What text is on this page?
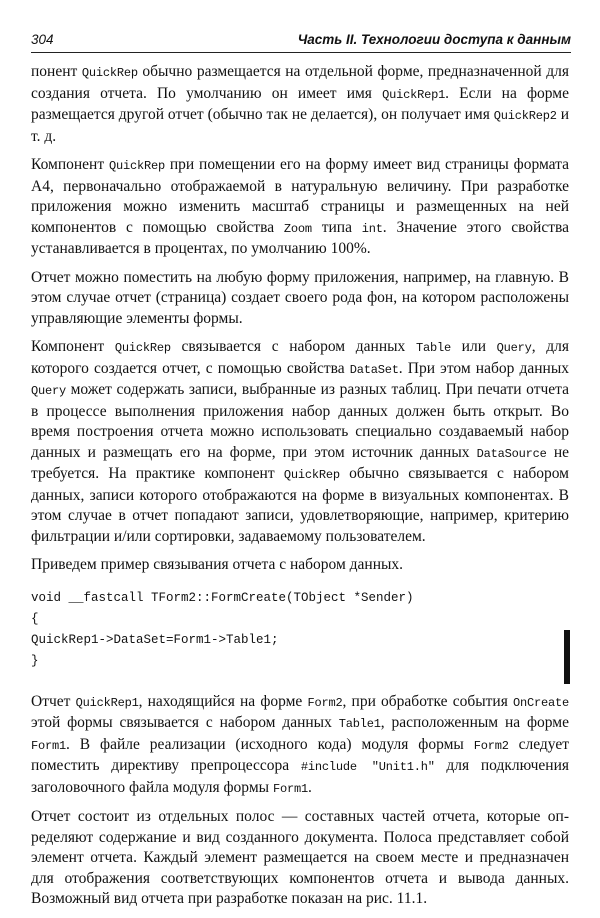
304	Часть II. Технологии доступа к данным

понент QuickRep обычно размещается на отдельной форме, предназначенной для создания отчета. По умолчанию он имеет имя QuickRep1. Если на форме размещается другой отчет (обычно так не делается), он получает имя QuickRep2 и т. д.

Компонент QuickRep при помещении его на форму имеет вид страницы формата А4, первоначально отображаемой в натуральную величину. При разработке приложения можно изменить масштаб страницы и размещенных на ней компонентов с помощью свойства Zoom типа int. Значение этого свойства устанавливается в процентах, по умолчанию 100%.

Отчет можно поместить на любую форму приложения, например, на главную. В этом случае отчет (страница) создает своего рода фон, на котором расположены управляющие элементы формы.

Компонент QuickRep связывается с набором данных Table или Query, для которого создается отчет, с помощью свойства DataSet. При этом набор данных Query может содержать записи, выбранные из разных таблиц. При печати отчета в процессе выполнения приложения набор данных должен быть открыт. Во время построения отчета можно использовать специально создаваемый набор данных и размещать его на форме, при этом источник данных DataSource не требуется. На практике компонент QuickRep обычно связывается с набором данных, записи которого отображаются на форме в визуальных компонентах. В этом случае в отчет попадают записи, удовлетворяющие, например, критерию фильтрации и/или сортировки, задаваемому пользователем.

Приведем пример связывания отчета с набором данных.

void __fastcall TForm2::FormCreate(TObject *Sender)
{
QuickRep1->DataSet=Form1->Table1;
}

Отчет QuickRep1, находящийся на форме Form2, при обработке события OnCreate этой формы связывается с набором данных Table1, расположенным на форме Form1. В файле реализации (исходного кода) модуля формы Form2 следует поместить директиву препроцессора #include "Unit1.h" для подключения заголовочного файла модуля формы Form1.

Отчет состоит из отдельных полос — составных частей отчета, которые определяют содержание и вид созданного документа. Полоса представляет собой элемент отчета. Каждый элемент размещается на своем месте и предназначен для отображения соответствующих компонентов отчета и вывода данных. Возможный вид отчета при разработке показан на рис. 11.1.
